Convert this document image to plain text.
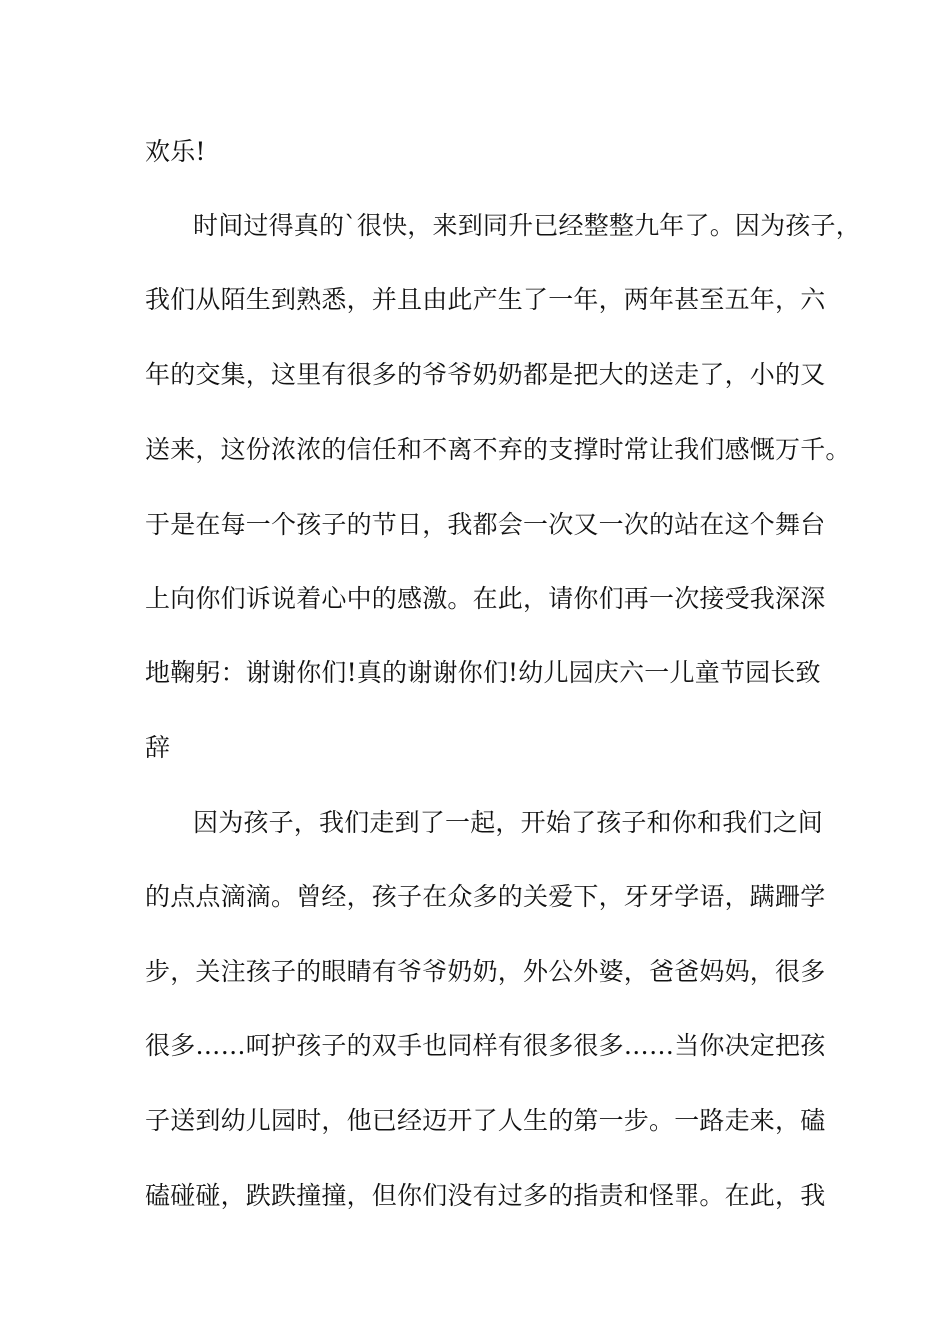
欢乐!
时间过得真的`很快，来到同升已经整整九年了。因为孩子，
我们从陌生到熟悉，并且由此产生了一年，两年甚至五年，六
年的交集，这里有很多的爷爷奶奶都是把大的送走了，小的又
送来，这份浓浓的信任和不离不弃的支撑时常让我们感慨万千。
于是在每一个孩子的节日，我都会一次又一次的站在这个舞台
上向你们诉说着心中的感激。在此，请你们再一次接受我深深
地鞠躬：谢谢你们!真的谢谢你们!幼儿园庆六一儿童节园长致
辞
因为孩子，我们走到了一起，开始了孩子和你和我们之间
的点点滴滴。曾经，孩子在众多的关爱下，牙牙学语，蹒跚学
步，关注孩子的眼睛有爷爷奶奶，外公外婆，爸爸妈妈，很多
很多……呵护孩子的双手也同样有很多很多……当你决定把孩
子送到幼儿园时，他已经迈开了人生的第一步。一路走来，磕
磕碰碰，跌跌撞撞，但你们没有过多的指责和怪罪。在此，我
